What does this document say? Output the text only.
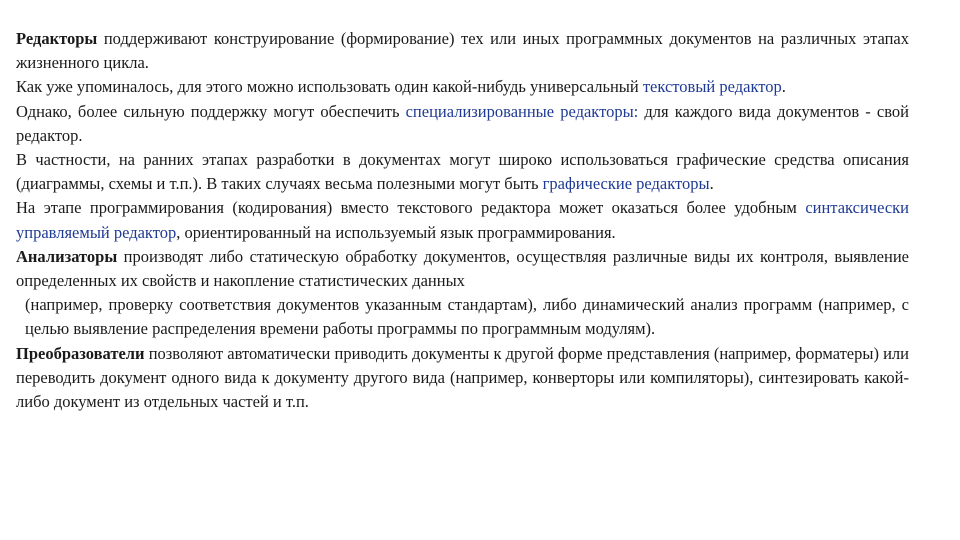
Редакторы поддерживают конструирование (формирование) тех или иных программных документов на различных этапах жизненного цикла.

Как уже упоминалось, для этого можно использовать один какой-нибудь универсальный текстовый редактор.

Однако, более сильную поддержку могут обеспечить специализированные редакторы: для каждого вида документов - свой редактор.

В частности, на ранних этапах разработки в документах могут широко использоваться графические средства описания (диаграммы, схемы и т.п.). В таких случаях весьма полезными могут быть графические редакторы.

На этапе программирования (кодирования) вместо текстового редактора может оказаться более удобным синтаксически управляемый редактор, ориентированный на используемый язык программирования.

Анализаторы производят либо статическую обработку документов, осуществляя различные виды их контроля, выявление определенных их свойств и накопление статистических данных

(например, проверку соответствия документов указанным стандартам), либо динамический анализ программ (например, с целью выявление распределения времени работы программы по программным модулям).

Преобразователи позволяют автоматически приводить документы к другой форме представления (например, форматеры) или переводить документ одного вида к документу другого вида (например, конверторы или компиляторы), синтезировать какой-либо документ из отдельных частей и т.п.
